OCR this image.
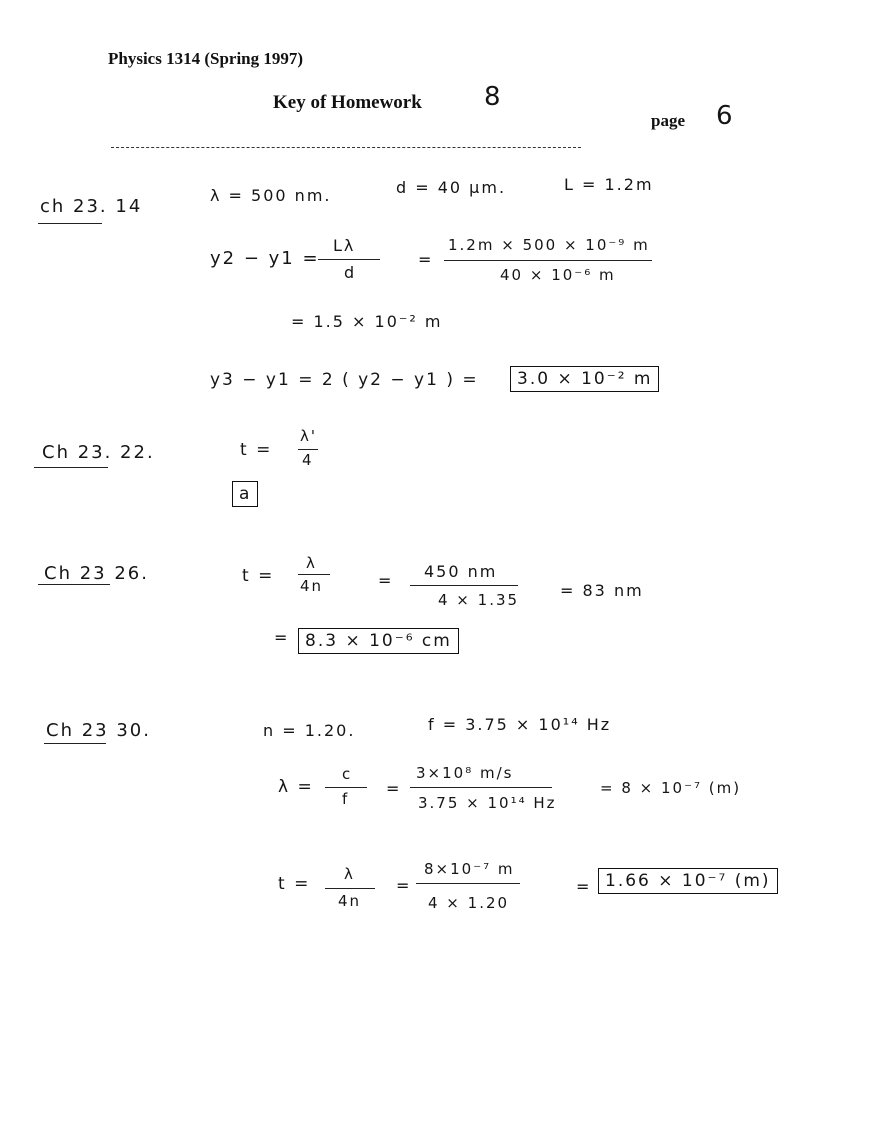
Physics 1314 (Spring 1997)
Key of Homework 8
page 6
ch 23. 14
λ = 500 nm.	d = 40 μm.	L = 1.2m
y2 − y1 =
Lλ
d
=
1.2m × 500 × 10⁻⁹ m
40 × 10⁻⁶ m
= 1.5 × 10⁻² m
y3 − y1 = 2 ( y2 − y1 ) =	3.0 × 10⁻² m
Ch 23. 22.	t =
λ'
4
a
Ch 23 26.	t =
λ
4n	= 450 nm
4 × 1.35	= 83 nm
= 8.3 × 10⁻⁶ cm
Ch 23 30.	n = 1.20.	f = 3.75 × 10¹⁴ Hz
λ =
c
f
=
3×10⁸ m/s
3.75 × 10¹⁴ Hz
= 8 × 10⁻⁷ (m)
t = λ
4n
=
8×10⁻⁷ m
4 × 1.20
= 1.66 × 10⁻⁷ (m)
